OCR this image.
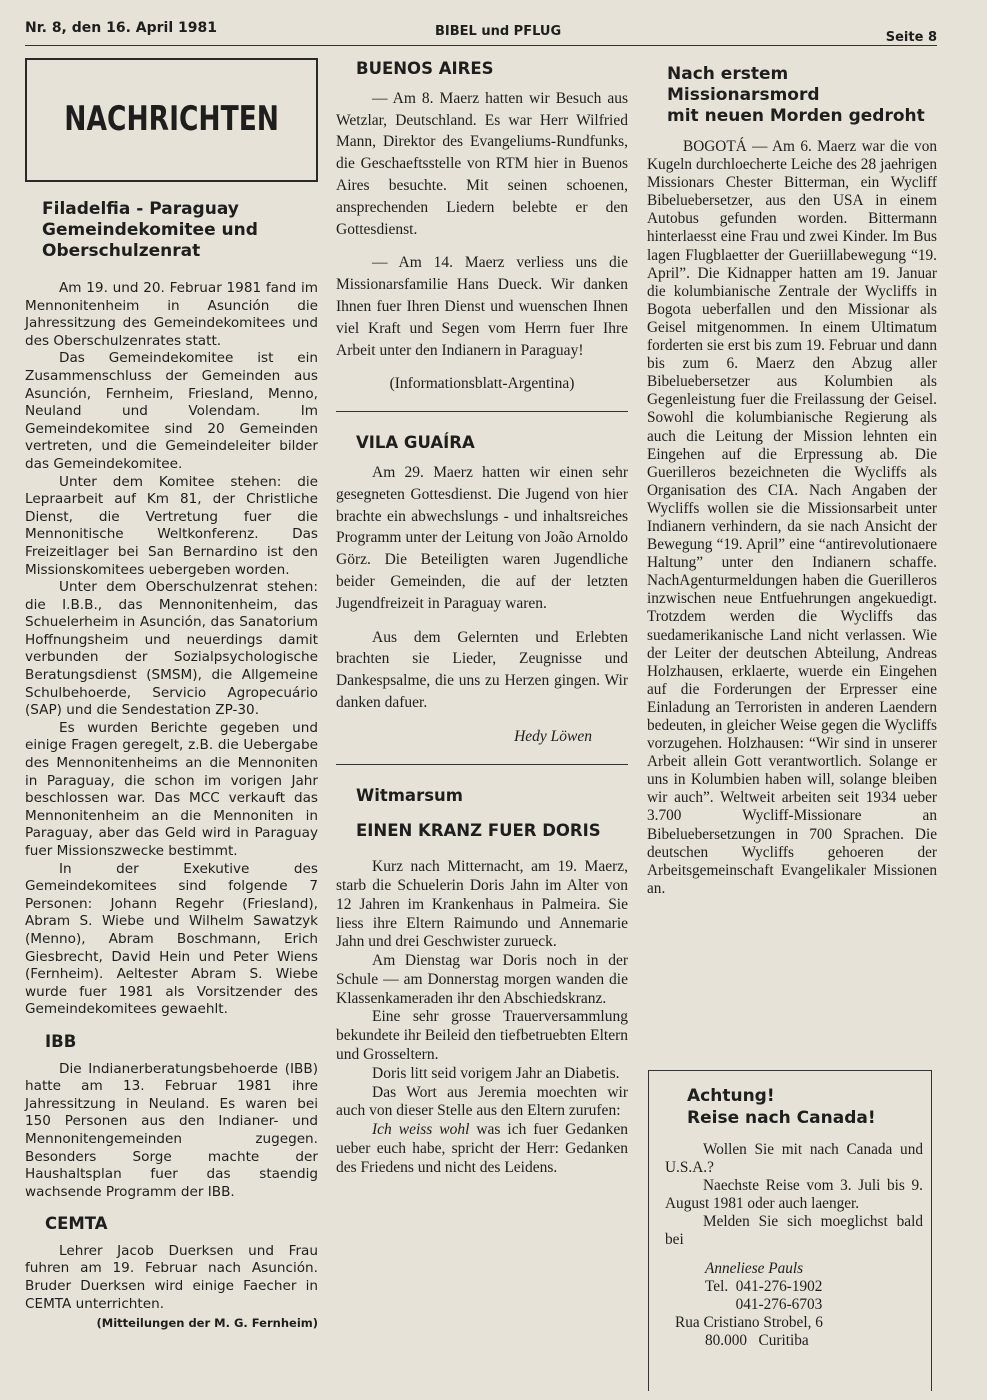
Nr. 8, den 16. April 1981	BIBEL und PFLUG	Seite 8
NACHRICHTEN
Filadelfia - Paraguay
Gemeindekomitee und
Oberschulzenrat

Am 19. und 20. Februar 1981 fand im Mennonitenheim in Asunción die Jahressitzung des Gemeindekomitees und des Oberschulzenrates statt.

Das Gemeindekomitee ist ein Zusammenschluss der Gemeinden aus Asunción, Fernheim, Friesland, Menno, Neuland und Volendam. Im Gemeindekomitee sind 20 Gemeinden vertreten, und die Gemeindeleiter bilder das Gemeindekomitee.

Unter dem Komitee stehen: die Lepraarbeit auf Km 81, der Christliche Dienst, die Vertretung fuer die Mennonitische Weltkonferenz. Das Freizeitlager bei San Bernardino ist den Missionskomitees uebergeben worden.

Unter dem Oberschulzenrat stehen: die I.B.B., das Mennonitenheim, das Schuelerheim in Asunción, das Sanatorium Hoffnungsheim und neuerdings damit verbunden der Sozialpsychologische Beratungsdienst (SMSM), die Allgemeine Schulbehoerde, Servicio Agropecuário (SAP) und die Sendestation ZP-30.

Es wurden Berichte gegeben und einige Fragen geregelt, z.B. die Uebergabe des Mennonitenheims an die Mennoniten in Paraguay, die schon im vorigen Jahr beschlossen war. Das MCC verkauft das Mennonitenheim an die Mennoniten in Paraguay, aber das Geld wird in Paraguay fuer Missionszwecke bestimmt.

In der Exekutive des Gemeindekomitees sind folgende 7 Personen: Johann Regehr (Friesland), Abram S. Wiebe und Wilhelm Sawatzyk (Menno), Abram Boschmann, Erich Giesbrecht, David Hein und Peter Wiens (Fernheim). Aeltester Abram S. Wiebe wurde fuer 1981 als Vorsitzender des Gemeindekomitees gewaehlt.

IBB

Die Indianerberatungsbehoerde (IBB) hatte am 13. Februar 1981 ihre Jahressitzung in Neuland. Es waren bei 150 Personen aus den Indianer- und Mennonitengemeinden zugegen. Besonders Sorge machte der Haushaltsplan fuer das staendig wachsende Programm der IBB.

CEMTA

Lehrer Jacob Duerksen und Frau fuhren am 19. Februar nach Asunción. Bruder Duerksen wird einige Faecher in CEMTA unterrichten.

(Mitteilungen der M. G. Fernheim)

BUENOS AIRES

— Am 8. Maerz hatten wir Besuch aus Wetzlar, Deutschland. Es war Herr Wilfried Mann, Direktor des Evangeliums-Rundfunks, die Geschaeftsstelle von RTM hier in Buenos Aires besuchte. Mit seinen schoenen, ansprechenden Liedern belebte er den Gottesdienst.

— Am 14. Maerz verliess uns die Missionarsfamilie Hans Dueck. Wir danken Ihnen fuer Ihren Dienst und wuenschen Ihnen viel Kraft und Segen vom Herrn fuer Ihre Arbeit unter den Indianern in Paraguay!

(Informationsblatt-Argentina)

VILA GUAÍRA

Am 29. Maerz hatten wir einen sehr gesegneten Gottesdienst. Die Jugend von hier brachte ein abwechslungs - und inhaltsreiches Programm unter der Leitung von João Arnoldo Görz. Die Beteiligten waren Jugendliche beider Gemeinden, die auf der letzten Jugendfreizeit in Paraguay waren.

Aus dem Gelernten und Erlebten brachten sie Lieder, Zeugnisse und Dankespsalme, die uns zu Herzen gingen. Wir danken dafuer.

Hedy Löwen

Witmarsum
EINEN KRANZ FUER DORIS

Kurz nach Mitternacht, am 19. Maerz, starb die Schuelerin Doris Jahn im Alter von 12 Jahren im Krankenhaus in Palmeira. Sie liess ihre Eltern Raimundo und Annemarie Jahn und drei Geschwister zurueck.

Am Dienstag war Doris noch in der Schule — am Donnerstag morgen wanden die Klassenkameraden ihr den Abschiedskranz.

Eine sehr grosse Trauerversammlung bekundete ihr Beileid den tiefbetruebten Eltern und Grosseltern.

Doris litt seid vorigem Jahr an Diabetis.

Das Wort aus Jeremia moechten wir auch von dieser Stelle aus den Eltern zurufen:

Ich weiss wohl was ich fuer Gedanken ueber euch habe, spricht der Herr: Gedanken des Friedens und nicht des Leidens.

Nach erstem Missionarsmord
mit neuen Morden gedroht

BOGOTÁ — Am 6. Maerz war die von Kugeln durchloecherte Leiche des 28 jaehrigen Missionars Chester Bitterman, ein Wycliff Bibeluebersetzer, aus den USA in einem Autobus gefunden worden. Bittermann hinterlaesst eine Frau und zwei Kinder. Im Bus lagen Flugblaetter der Gueriillabewegung “19. April”. Die Kidnapper hatten am 19. Januar die kolumbianische Zentrale der Wycliffs in Bogota ueberfallen und den Missionar als Geisel mitgenommen. In einem Ultimatum forderten sie erst bis zum 19. Februar und dann bis zum 6. Maerz den Abzug aller Bibeluebersetzer aus Kolumbien als Gegenleistung fuer die Freilassung der Geisel. Sowohl die kolumbianische Regierung als auch die Leitung der Mission lehnten ein Eingehen auf die Erpressung ab. Die Guerilleros bezeichneten die Wycliffs als Organisation des CIA. Nach Angaben der Wycliffs wollen sie die Missionsarbeit unter Indianern verhindern, da sie nach Ansicht der Bewegung “19. April” eine “antirevolutionaere Haltung” unter den Indianern schaffe. NachAgenturmeldungen haben die Guerilleros inzwischen neue Entfuehrungen angekuedigt. Trotzdem werden die Wycliffs das suedamerikanische Land nicht verlassen. Wie der Leiter der deutschen Abteilung, Andreas Holzhausen, erklaerte, wuerde ein Eingehen auf die Forderungen der Erpresser eine Einladung an Terroristen in anderen Laendern bedeuten, in gleicher Weise gegen die Wycliffs vorzugehen. Holzhausen: “Wir sind in unserer Arbeit allein Gott verantwortlich. Solange er uns in Kolumbien haben will, solange bleiben wir auch”. Weltweit arbeiten seit 1934 ueber 3.700 Wycliff-Missionare an Bibeluebersetzungen in 700 Sprachen. Die deutschen Wycliffs gehoeren der Arbeitsgemeinschaft Evangelikaler Missionen an.

Achtung!
Reise nach Canada!

Wollen Sie mit nach Canada und U.S.A.?

Naechste Reise vom 3. Juli bis 9. August 1981 oder auch laenger.

Melden Sie sich moeglichst bald bei

Anneliese Pauls
Tel.  041-276-1902
041-276-6703
Rua Cristiano Strobel, 6
80.000   Curitiba
